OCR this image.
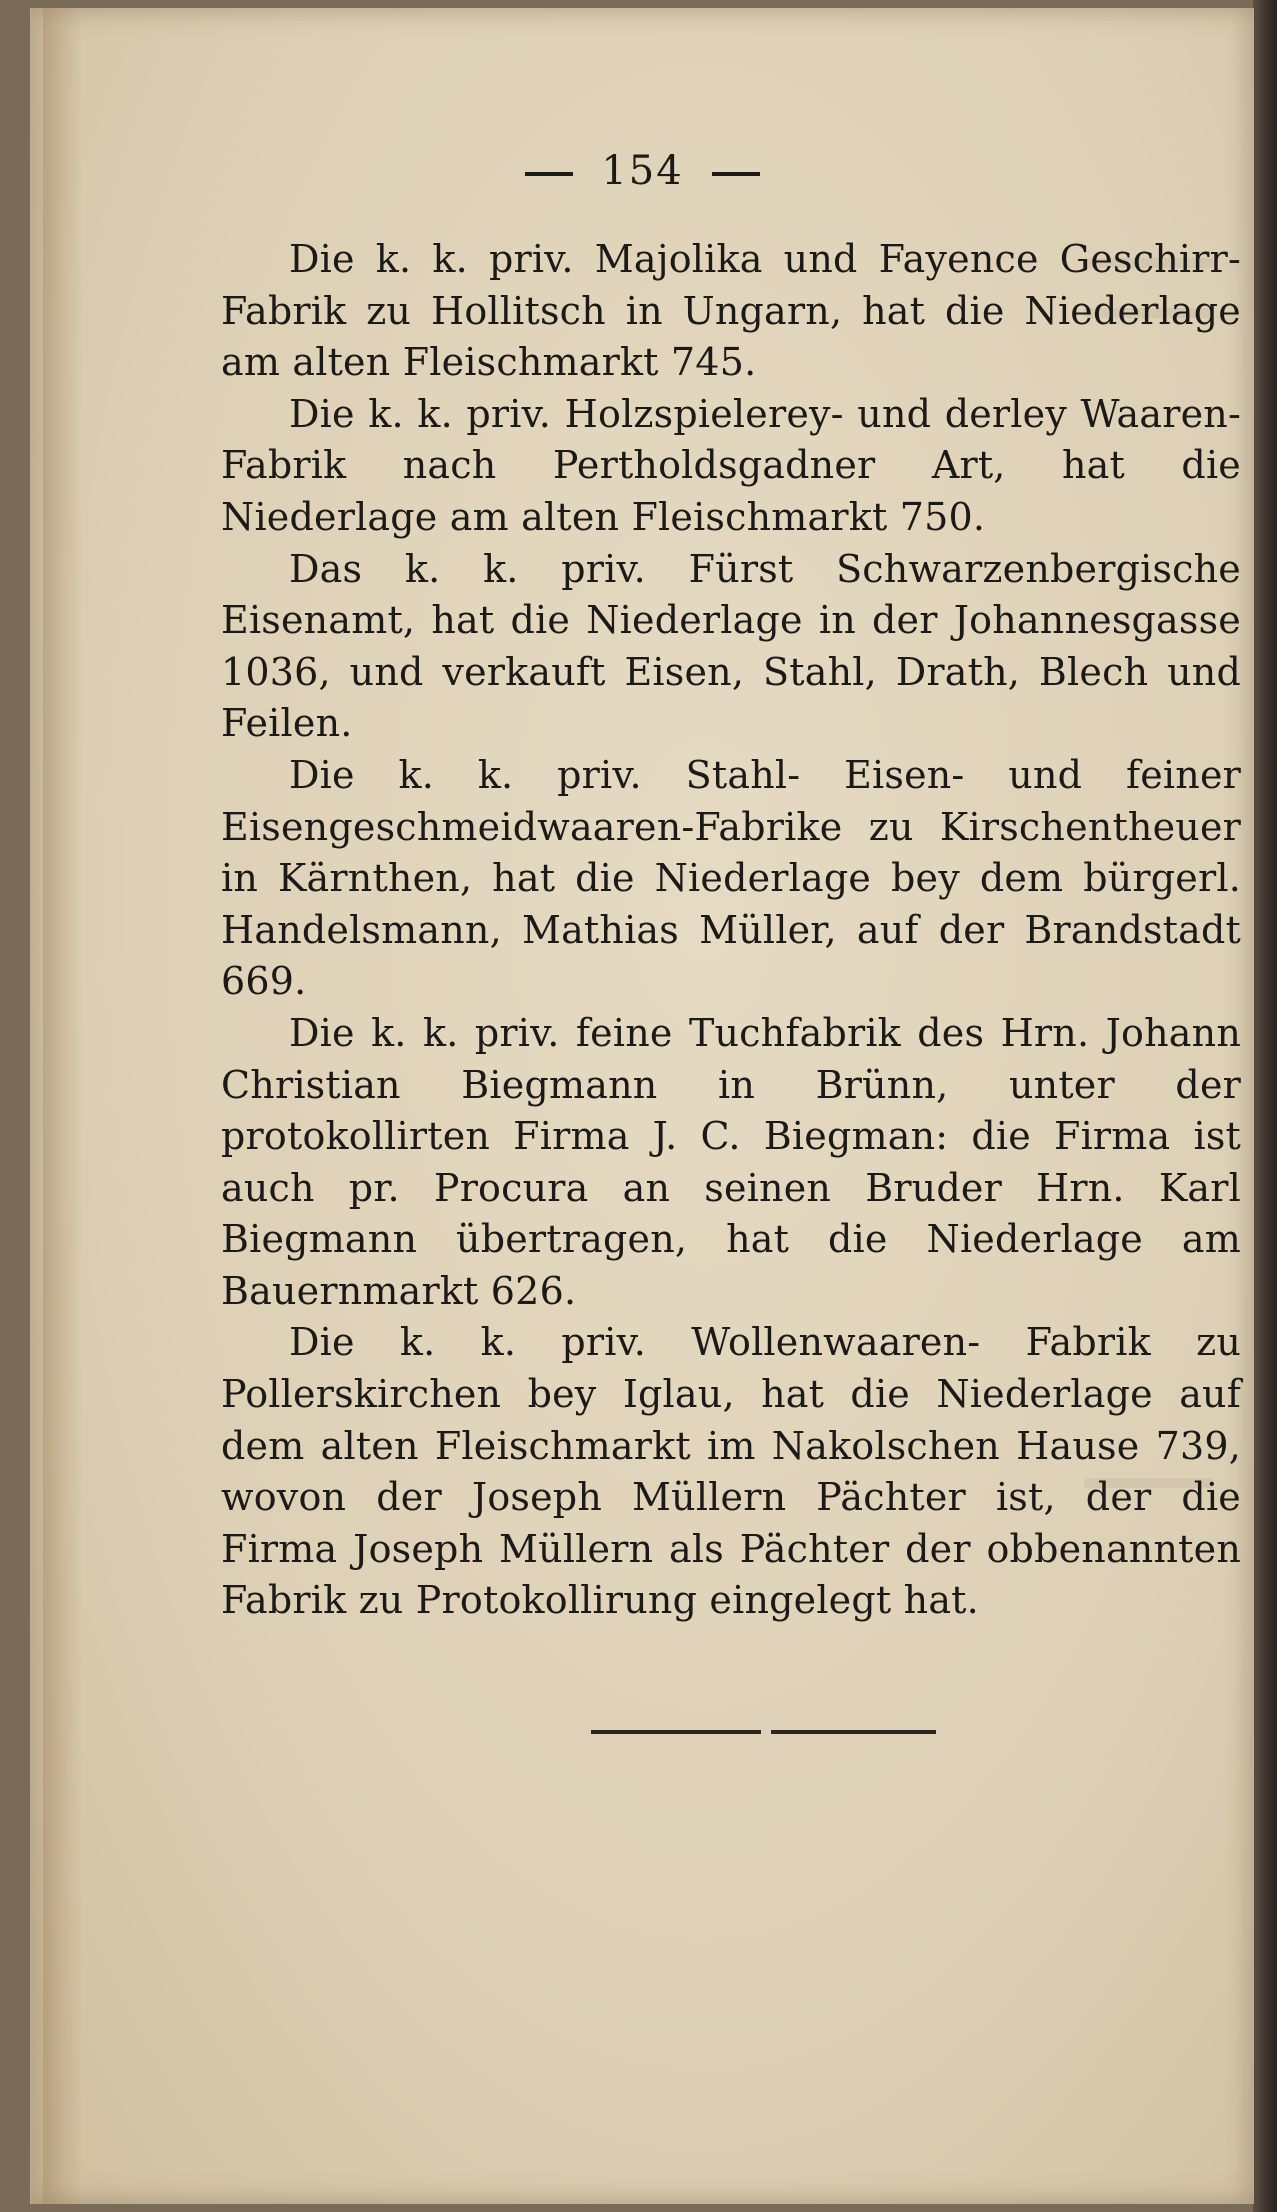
154

Die k. k. priv. Majolika und Fayence Geschirr-Fabrik zu Hollitsch in Ungarn, hat die Niederlage am alten Fleischmarkt 745.

Die k. k. priv. Holzspielerey- und derley Waaren-Fabrik nach Pertholdsgadner Art, hat die Niederlage am alten Fleischmarkt 750.

Das k. k. priv. Fürst Schwarzenbergische Eisenamt, hat die Niederlage in der Johannesgasse 1036, und verkauft Eisen, Stahl, Drath, Blech und Feilen.

Die k. k. priv. Stahl- Eisen- und feiner Eisengeschmeidwaaren-Fabrike zu Kirschentheuer in Kärnthen, hat die Niederlage bey dem bürgerl. Handelsmann, Mathias Müller, auf der Brandstadt 669.

Die k. k. priv. feine Tuchfabrik des Hrn. Johann Christian Biegmann in Brünn, unter der protokollirten Firma J. C. Biegman: die Firma ist auch pr. Procura an seinen Bruder Hrn. Karl Biegmann übertragen, hat die Niederlage am Bauernmarkt 626.

Die k. k. priv. Wollenwaaren- Fabrik zu Pollerskirchen bey Iglau, hat die Niederlage auf dem alten Fleischmarkt im Nakolschen Hause 739, wovon der Joseph Müllern Pächter ist, der die Firma Joseph Müllern als Pächter der obbenannten Fabrik zu Protokollirung eingelegt hat.
